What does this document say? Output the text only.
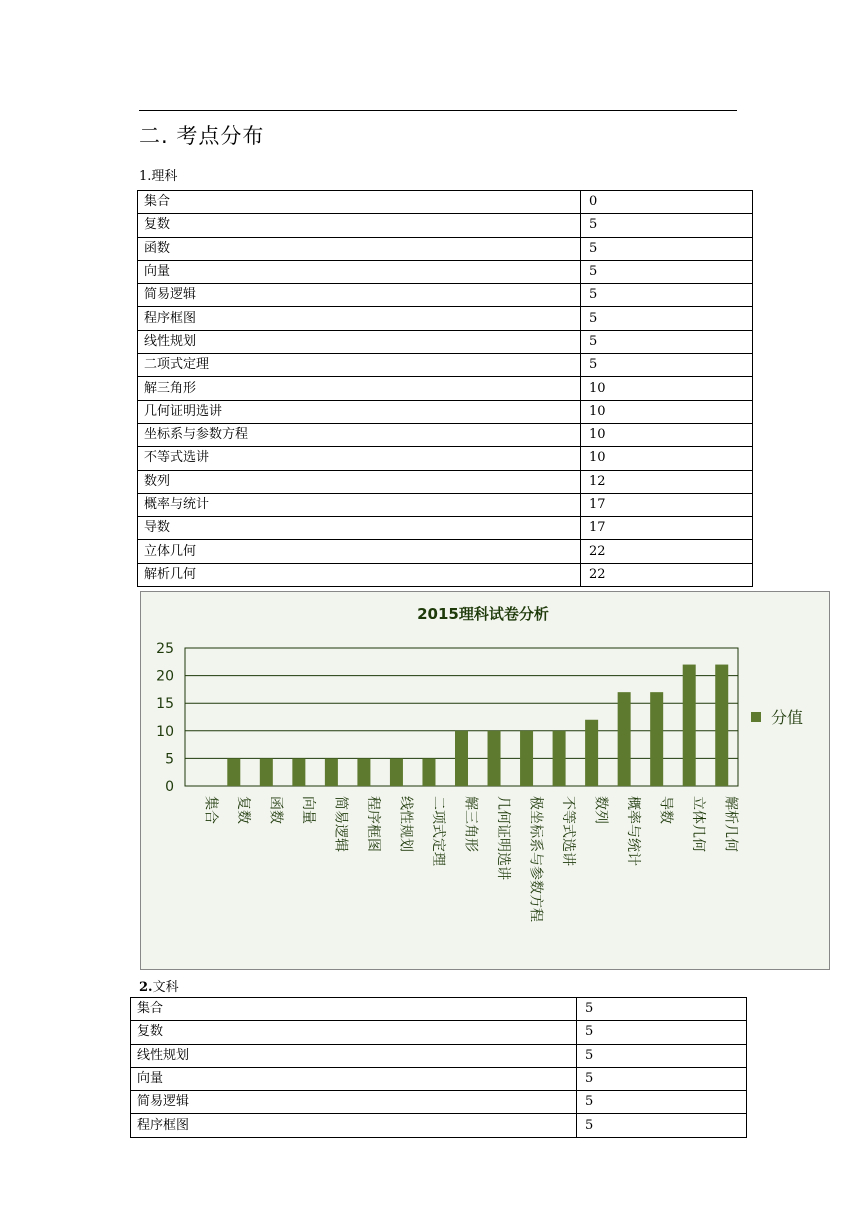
二. 考点分布
1.理科
集合	0
复数	5
函数	5
向量	5
简易逻辑	5
程序框图	5
线性规划	5
二项式定理	5
解三角形	10
几何证明选讲	10
坐标系与参数方程	10
不等式选讲	10
数列	12
概率与统计	17
导数	17
立体几何	22
解析几何	22
2015理科试卷分析
0
5
10
15
20
25
集合 复数 函数 向量 简易逻辑 程序框图 线性规划 二项式定理 解三角形 几何证明选讲 极坐标系与参数方程 不等式选讲 数列 概率与统计 导数 立体几何 解析几何
分值
2.文科
集合	5
复数	5
线性规划	5
向量	5
简易逻辑	5
程序框图	5
